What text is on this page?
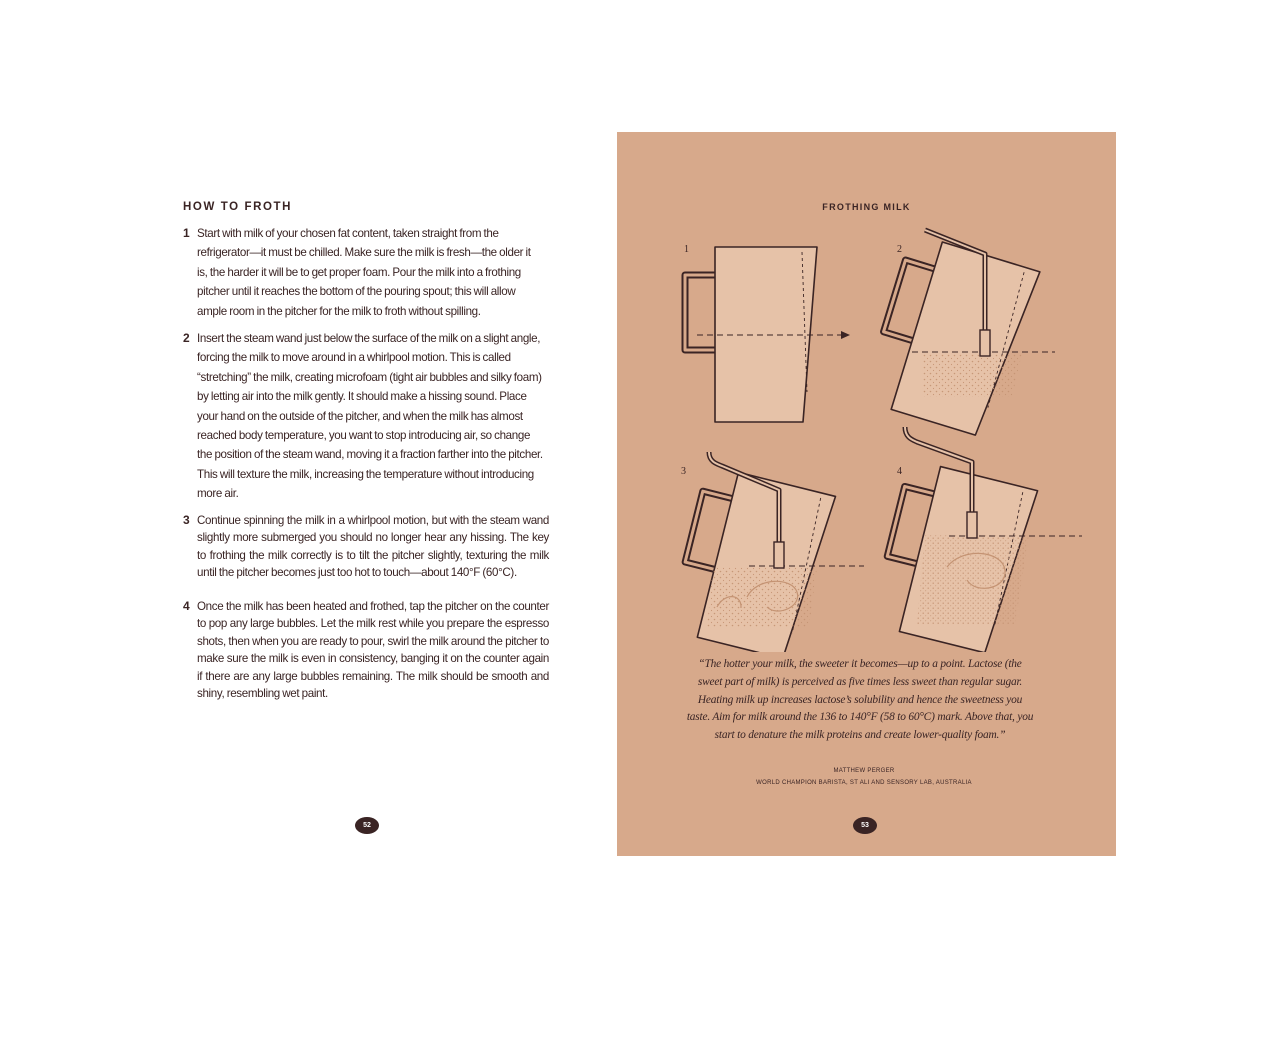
HOW TO FROTH
1 Start with milk of your chosen fat content, taken straight from the refrigerator—it must be chilled. Make sure the milk is fresh—the older it is, the harder it will be to get proper foam. Pour the milk into a frothing pitcher until it reaches the bottom of the pouring spout; this will allow ample room in the pitcher for the milk to froth without spilling.
2 Insert the steam wand just below the surface of the milk on a slight angle, forcing the milk to move around in a whirlpool motion. This is called “stretching” the milk, creating microfoam (tight air bubbles and silky foam) by letting air into the milk gently. It should make a hissing sound. Place your hand on the outside of the pitcher, and when the milk has almost reached body temperature, you want to stop introducing air, so change the position of the steam wand, moving it a fraction farther into the pitcher. This will texture the milk, increasing the temperature without introducing more air.
3 Continue spinning the milk in a whirlpool motion, but with the steam wand slightly more submerged you should no longer hear any hissing. The key to frothing the milk correctly is to tilt the pitcher slightly, texturing the milk until the pitcher becomes just too hot to touch—about 140°F (60°C).
4 Once the milk has been heated and frothed, tap the pitcher on the counter to pop any large bubbles. Let the milk rest while you prepare the espresso shots, then when you are ready to pour, swirl the milk around the pitcher to make sure the milk is even in consistency, banging it on the counter again if there are any large bubbles remaining. The milk should be smooth and shiny, resembling wet paint.
52
FROTHING MILK
1	2
3	4
“The hotter your milk, the sweeter it becomes—up to a point. Lactose (the sweet part of milk) is perceived as five times less sweet than regular sugar. Heating milk up increases lactose’s solubility and hence the sweetness you taste. Aim for milk around the 136 to 140°F (58 to 60°C) mark. Above that, you start to denature the milk proteins and create lower-quality foam.”
MATTHEW PERGER
WORLD CHAMPION BARISTA, ST ALI AND SENSORY LAB, AUSTRALIA
53
